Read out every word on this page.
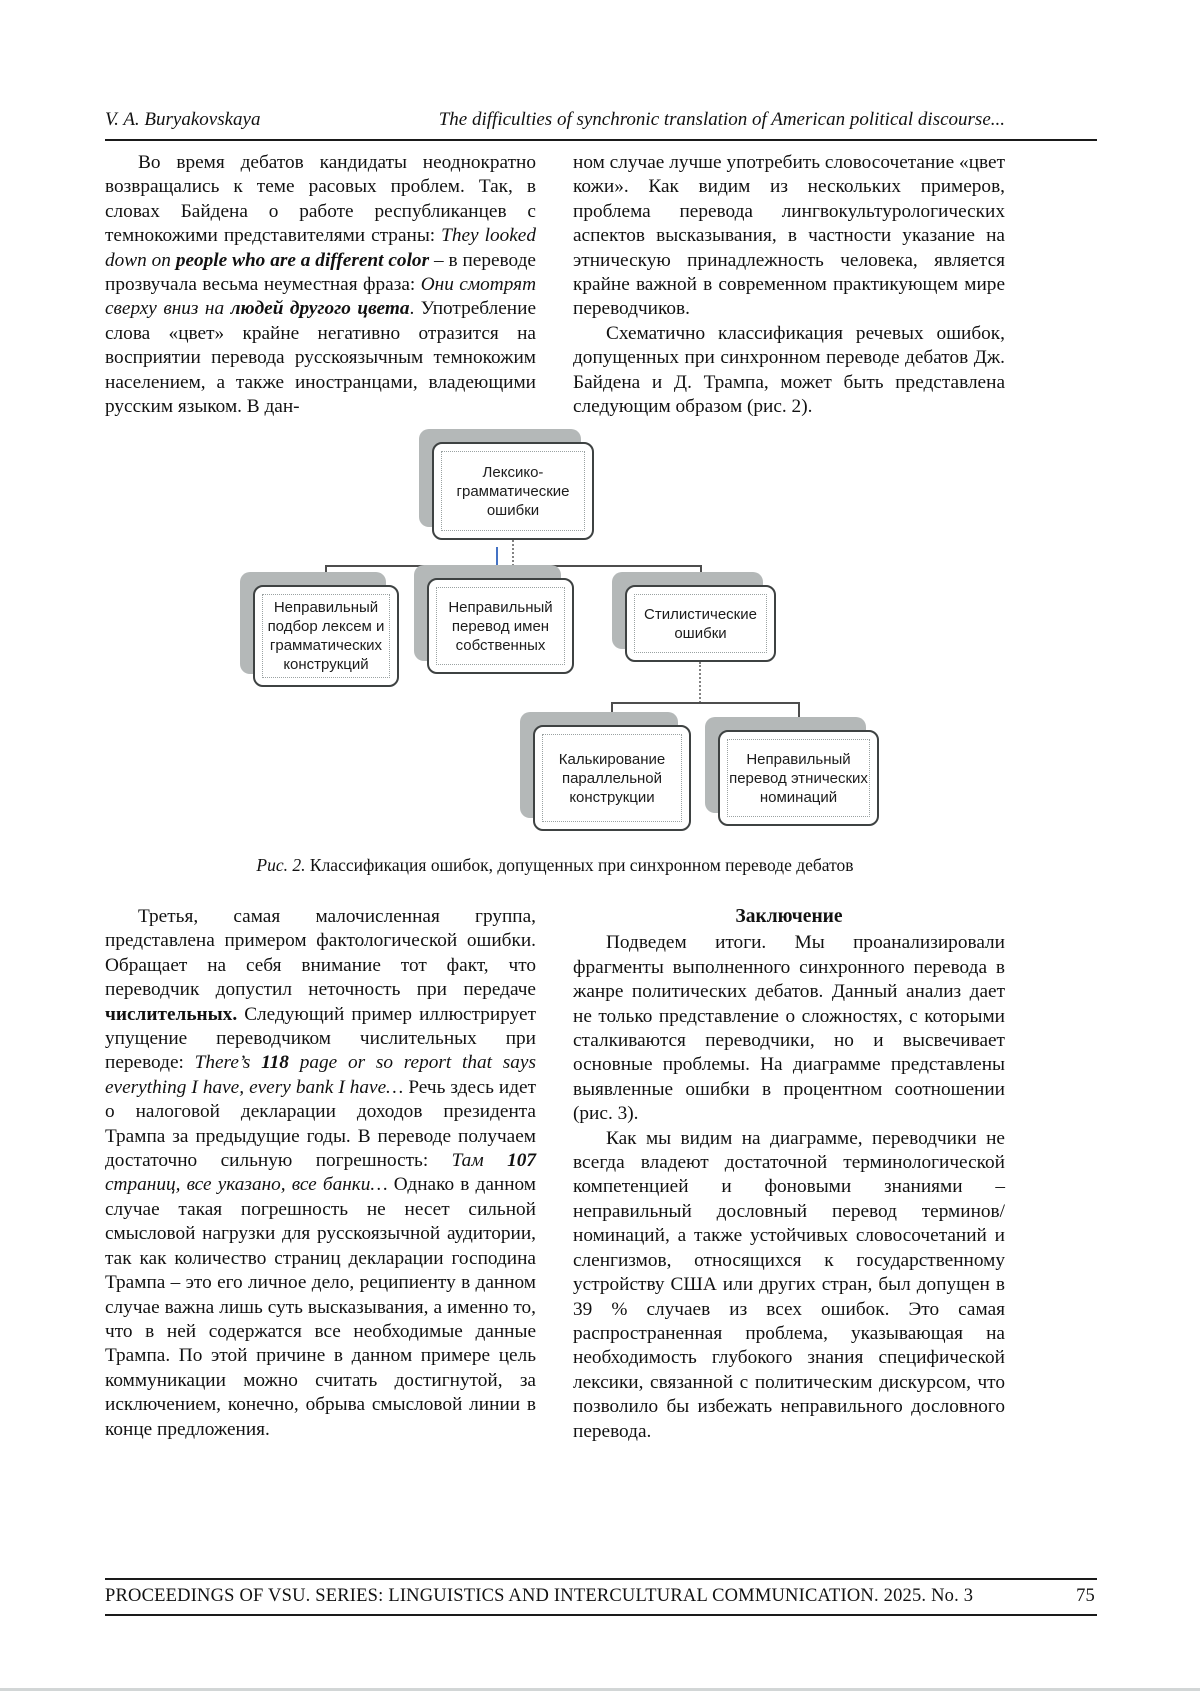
V. A. Buryakovskaya	The difficulties of synchronic translation of American political discourse...

Во время дебатов кандидаты неоднократно возвращались к теме расовых проблем. Так, в словах Байдена о работе республиканцев с темнокожими представителями страны: They looked down on people who are a different color – в переводе прозвучала весьма неуместная фраза: Они смотрят сверху вниз на людей другого цвета. Употребление слова «цвет» крайне негативно отразится на восприятии перевода русскоязычным темнокожим населением, а также иностранцами, владеющими русским языком. В дан-

ном случае лучше употребить словосочетание «цвет кожи». Как видим из нескольких примеров, проблема перевода лингвокультурологических аспектов высказывания, в частности указание на этническую принадлежность человека, является крайне важной в современном практикующем мире переводчиков.

Схематично классификация речевых ошибок, допущенных при синхронном переводе дебатов Дж. Байдена и Д. Трампа, может быть представлена следующим образом (рис. 2).

Лексико-
грамматические
ошибки
Неправильный
подбор лексем и
грамматических
конструкций
Неправильный
перевод имен
собственных
Стилистические
ошибки
Калькирование
параллельной
конструкции
Неправильный
перевод этнических
номинаций
Рис. 2. Классификация ошибок, допущенных при синхронном переводе дебатов

Третья, самая малочисленная группа, представлена примером фактологической ошибки. Обращает на себя внимание тот факт, что переводчик допустил неточность при передаче числительных. Следующий пример иллюстрирует упущение переводчиком числительных при переводе: There’s 118 page or so report that says everything I have, every bank I have… Речь здесь идет о налоговой декларации доходов президента Трампа за предыдущие годы. В переводе получаем достаточно сильную погрешность: Там 107 страниц, все указано, все банки… Однако в данном случае такая погрешность не несет сильной смысловой нагрузки для русскоязычной аудитории, так как количество страниц декларации господина Трампа – это его личное дело, реципиенту в данном случае важна лишь суть высказывания, а именно то, что в ней содержатся все необходимые данные Трампа. По этой причине в данном примере цель коммуникации можно считать достигнутой, за исключением, конечно, обрыва смысловой линии в конце предложения.

Заключение

Подведем итоги. Мы проанализировали фрагменты выполненного синхронного перевода в жанре политических дебатов. Данный анализ дает не только представление о сложностях, с которыми сталкиваются переводчики, но и высвечивает основные проблемы. На диаграмме представлены выявленные ошибки в процентном соотношении (рис. 3).

Как мы видим на диаграмме, переводчики не всегда владеют достаточной терминологической компетенцией и фоновыми знаниями – неправильный дословный перевод терминов/номинаций, а также устойчивых словосочетаний и сленгизмов, относящихся к государственному устройству США или других стран, был допущен в 39 % случаев из всех ошибок. Это самая распространенная проблема, указывающая на необходимость глубокого знания специфической лексики, связанной с политическим дискурсом, что позволило бы избежать неправильного дословного перевода.

PROCEEDINGS OF VSU. SERIES: LINGUISTICS AND INTERCULTURAL COMMUNICATION. 2025. No. 3	75
